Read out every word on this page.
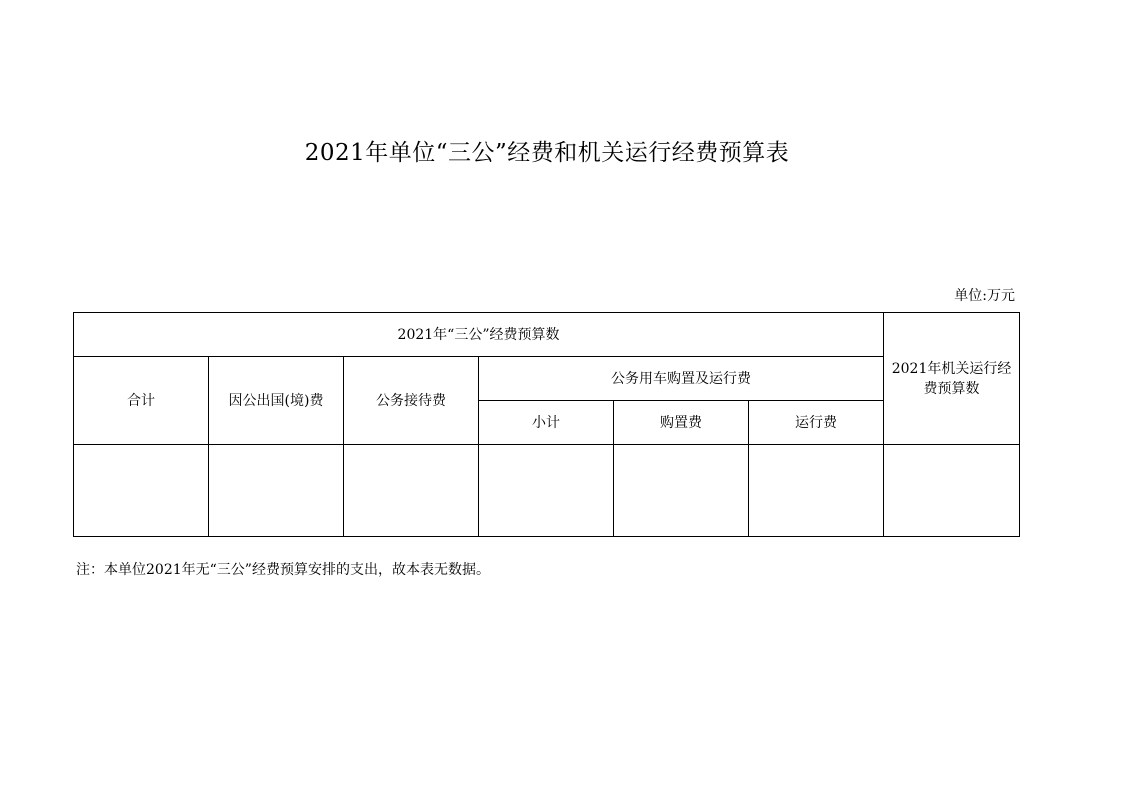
2021年单位“三公”经费和机关运行经费预算表
单位:万元
2021年“三公”经费预算数						2021年机关运行经费预算数
合计	因公出国(境)费	公务接待费	公务用车购置及运行费			
			小计	购置费	运行费	

注：本单位2021年无“三公”经费预算安排的支出，故本表无数据。
